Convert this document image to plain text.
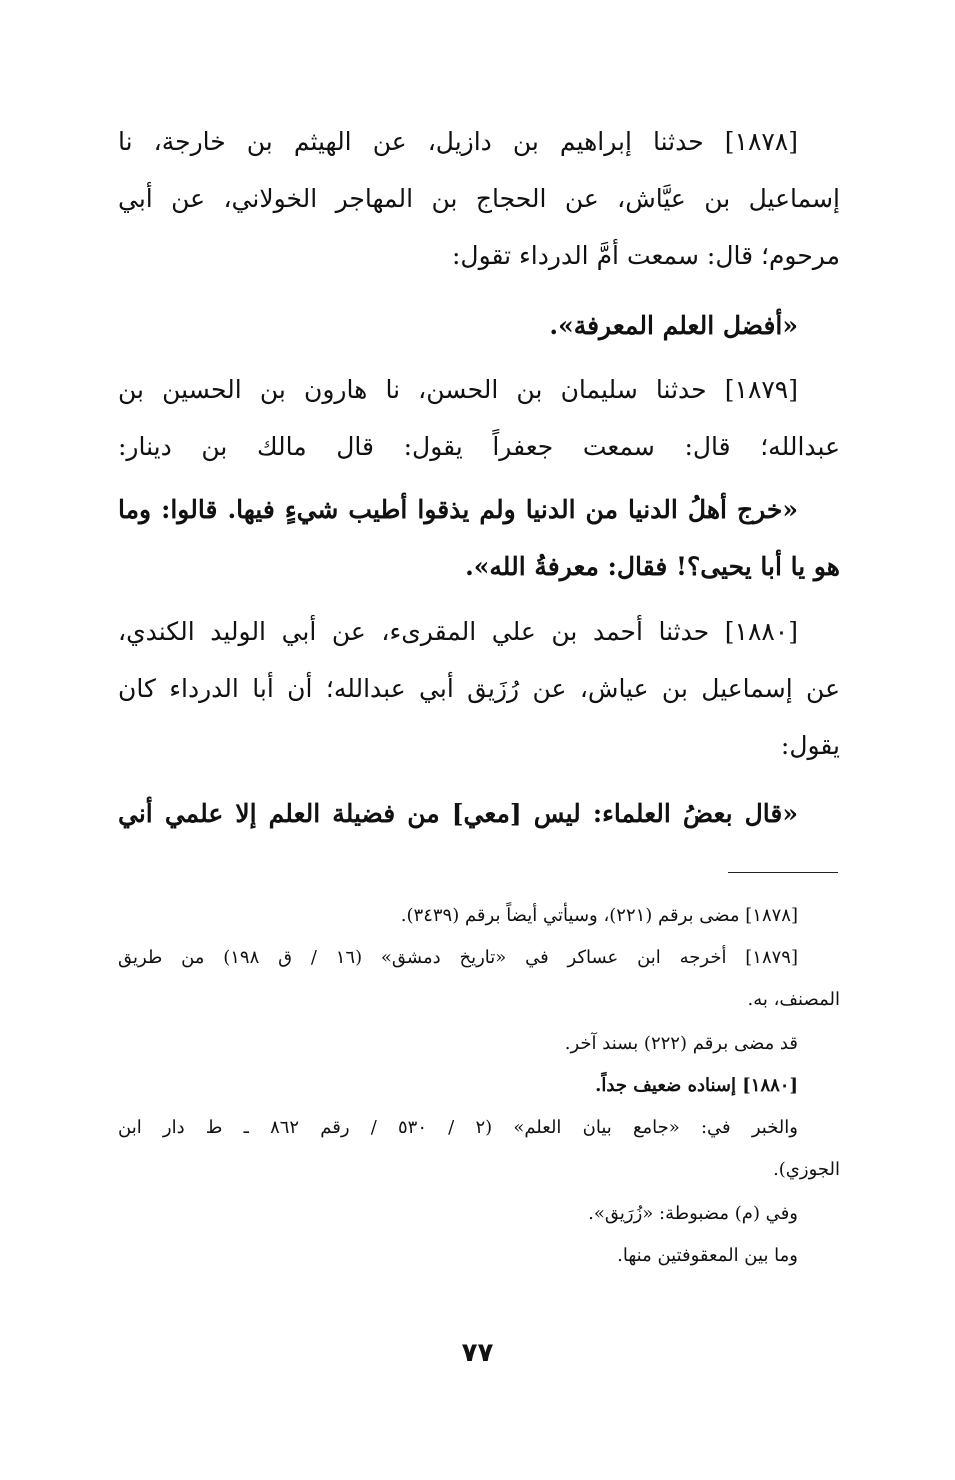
[١٨٧٨] حدثنا إبراهيم بن دازيل، عن الهيثم بن خارجة، نا
إسماعيل بن عيَّاش، عن الحجاج بن المهاجر الخولاني، عن أبي
مرحوم؛ قال: سمعت أمَّ الدرداء تقول:
«أفضل العلم المعرفة».
[١٨٧٩] حدثنا سليمان بن الحسن، نا هارون بن الحسين بن
عبدالله؛ قال: سمعت جعفراً يقول: قال مالك بن دينار:
«خرج أهلُ الدنيا من الدنيا ولم يذقوا أطيب شيءٍ فيها. قالوا: وما
هو يا أبا يحيى؟! فقال: معرفةُ الله».
[١٨٨٠] حدثنا أحمد بن علي المقرىء، عن أبي الوليد الكندي،
عن إسماعيل بن عياش، عن رُزَيق أبي عبدالله؛ أن أبا الدرداء كان
يقول:
«قال بعضُ العلماء: ليس [معي] من فضيلة العلم إلا علمي أني
[١٨٧٨] مضى برقم (٢٢١)، وسيأتي أيضاً برقم (٣٤٣٩).
[١٨٧٩] أخرجه ابن عساكر في «تاريخ دمشق» (١٦ / ق ١٩٨) من طريق
المصنف، به.
قد مضى برقم (٢٢٢) بسند آخر.
[١٨٨٠] إسناده ضعيف جداً.
والخبر في: «جامع بيان العلم» (٢ / ٥٣٠ / رقم ٨٦٢ ـ ط دار ابن
الجوزي).
وفي (م) مضبوطة: «زُرَيق».
وما بين المعقوفتين منها.
٧٧
